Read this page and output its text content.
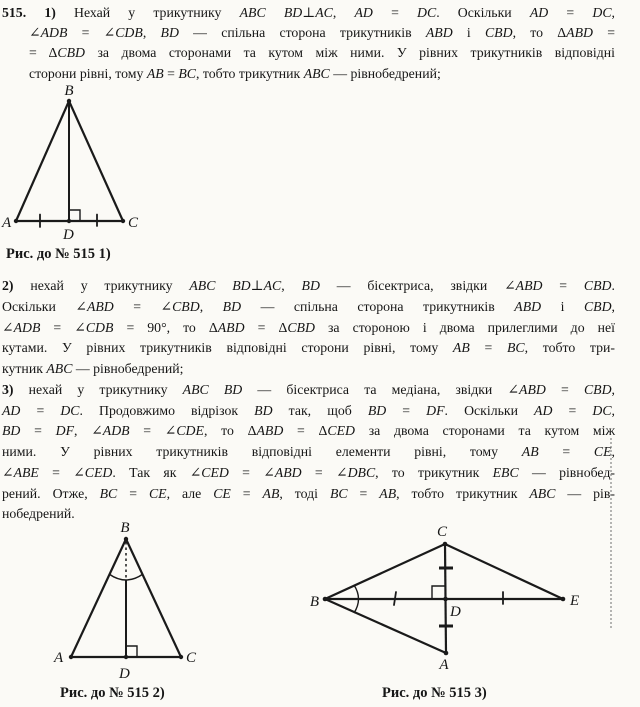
515. 1) Нехай у трикутнику ABC BD⊥AC, AD = DC. Оскільки AD = DC,
∠ADB = ∠CDB, BD — спільна сторона трикутників ABD і CBD, то ΔABD =
= ΔCBD за двома сторонами та кутом між ними. У рівних трикутників відповідні
сторони рівні, тому AB = BC, тобто трикутник ABC — рівнобедрений;
B
A	C
D
Рис. до № 515 1)
2) нехай у трикутнику ABC BD⊥AC, BD — бісектриса, звідки ∠ABD = CBD.
Оскільки ∠ABD = ∠CBD, BD — спільна сторона трикутників ABD і CBD,
∠ADB = ∠CDB = 90°, то ΔABD = ΔCBD за стороною і двома прилеглими до неї
кутами. У рівних трикутників відповідні сторони рівні, тому AB = BC, тобто три-
кутник ABC — рівнобедрений;
3) нехай у трикутнику ABC BD — бісектриса та медіана, звідки ∠ABD = CBD,
AD = DC. Продовжимо відрізок BD так, щоб BD = DF. Оскільки AD = DC,
BD = DF, ∠ADB = ∠CDE, то ΔABD = ΔCED за двома сторонами та кутом між
ними. У рівних трикутників відповідні елементи рівні, тому AB = CE,
∠ABE = ∠CED. Так як ∠CED = ∠ABD = ∠DBC, то трикутник EBC — рівнобед-
рений. Отже, BC = CE, але CE = AB, тоді BC = AB, тобто трикутник ABC — рів-
нобедрений.
B
A	C
D
Рис. до № 515 2)
B	E
C
A
D
Рис. до № 515 3)
